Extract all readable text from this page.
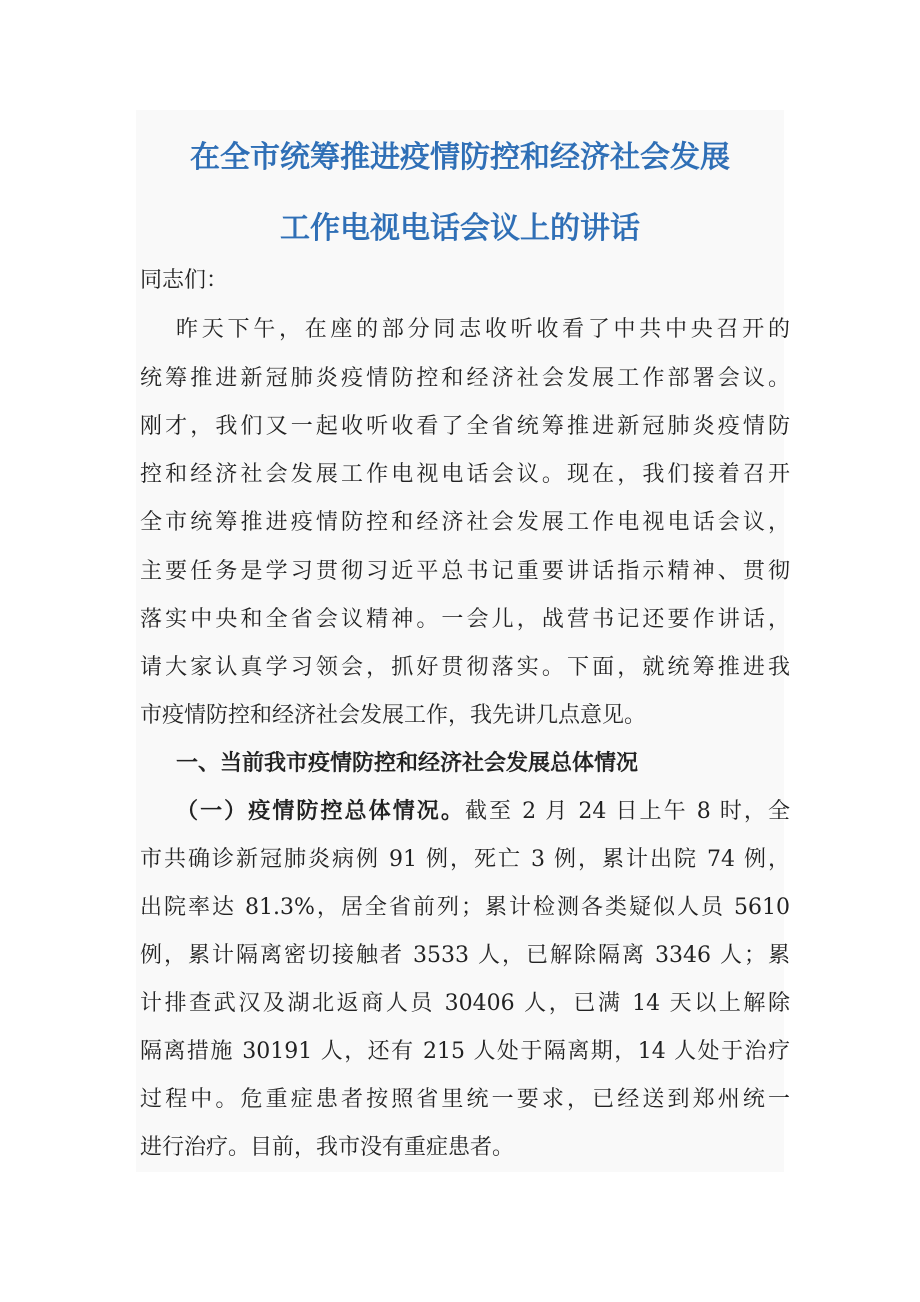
在全市统筹推进疫情防控和经济社会发展
工作电视电话会议上的讲话
同志们：
昨天下午，在座的部分同志收听收看了中共中央召开的
统筹推进新冠肺炎疫情防控和经济社会发展工作部署会议。
刚才，我们又一起收听收看了全省统筹推进新冠肺炎疫情防
控和经济社会发展工作电视电话会议。现在，我们接着召开
全市统筹推进疫情防控和经济社会发展工作电视电话会议，
主要任务是学习贯彻习近平总书记重要讲话指示精神、贯彻
落实中央和全省会议精神。一会儿，战营书记还要作讲话，
请大家认真学习领会，抓好贯彻落实。下面，就统筹推进我
市疫情防控和经济社会发展工作，我先讲几点意见。
一、当前我市疫情防控和经济社会发展总体情况
（一）疫情防控总体情况。截至 2 月 24 日上午 8 时，全
市共确诊新冠肺炎病例 91 例，死亡 3 例，累计出院 74 例，
出院率达 81.3%，居全省前列；累计检测各类疑似人员 5610
例，累计隔离密切接触者 3533 人，已解除隔离 3346 人；累
计排查武汉及湖北返商人员 30406 人，已满 14 天以上解除
隔离措施 30191 人，还有 215 人处于隔离期，14 人处于治疗
过程中。危重症患者按照省里统一要求，已经送到郑州统一
进行治疗。目前，我市没有重症患者。
